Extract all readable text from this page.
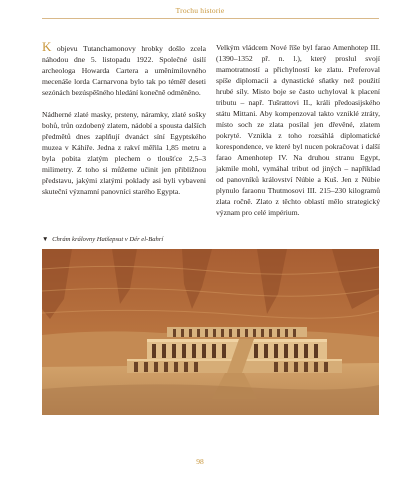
Trochu historie

K objevu Tutanchamonovy hrobky došlo zcela náhodou dne 5. listopadu 1922. Společné úsilí archeologa Howarda Cartera a uměnímilovného mecenáše lorda Carnarvona bylo tak po téměř deseti sezónách bezúspěšného hledání konečně odměněno.

Nádherné zlaté masky, prsteny, náramky, zlaté sošky bohů, trůn ozdobený zlatem, nádobí a spousta dalších předmětů dnes zaplňují dvanáct síní Egyptského muzea v Káhiře. Jedna z rakví měřila 1,85 metru a byla pobita zlatým plechem o tloušťce 2,5–3 milimetry. Z toho si můžeme učinit jen přibližnou představu, jakými zlatými poklady asi byli vybaveni skuteční významní panovníci starého Egypta.

Velkým vládcem Nové říše byl farao Amenhotep III. (1390–1352 př. n. l.), který proslul svojí mamotratností a přichylností ke zlatu. Preferoval spíše diplomacii a dynastické sňatky než použití hrubé síly. Misto boje se často uchyloval k placení tributu – např. Tušrattovi II., králi předoasijského státu Mittani. Aby kompenzoval takto vzniklé ztráty, místo soch ze zlata posílal jen dřevěné, zlatem pokryté. Vznikla z toho rozsáhlá diplomatické korespondence, ve které byl nucen pokračovat i další farao Amenhotep IV. Na druhou stranu Egypt, jakmile mohl, vymáhal tribut od jiných – například od panovníků království Núbie a Kuš. Jen z Núbie plynulo faraonu Thutmosovi III. 215–230 kilogramů zlata ročně. Zlato z těchto oblastí mělo strategický význam pro celé impérium.

▼ Chrám královny Hatšepsut v Dér el-Bahrí
98
